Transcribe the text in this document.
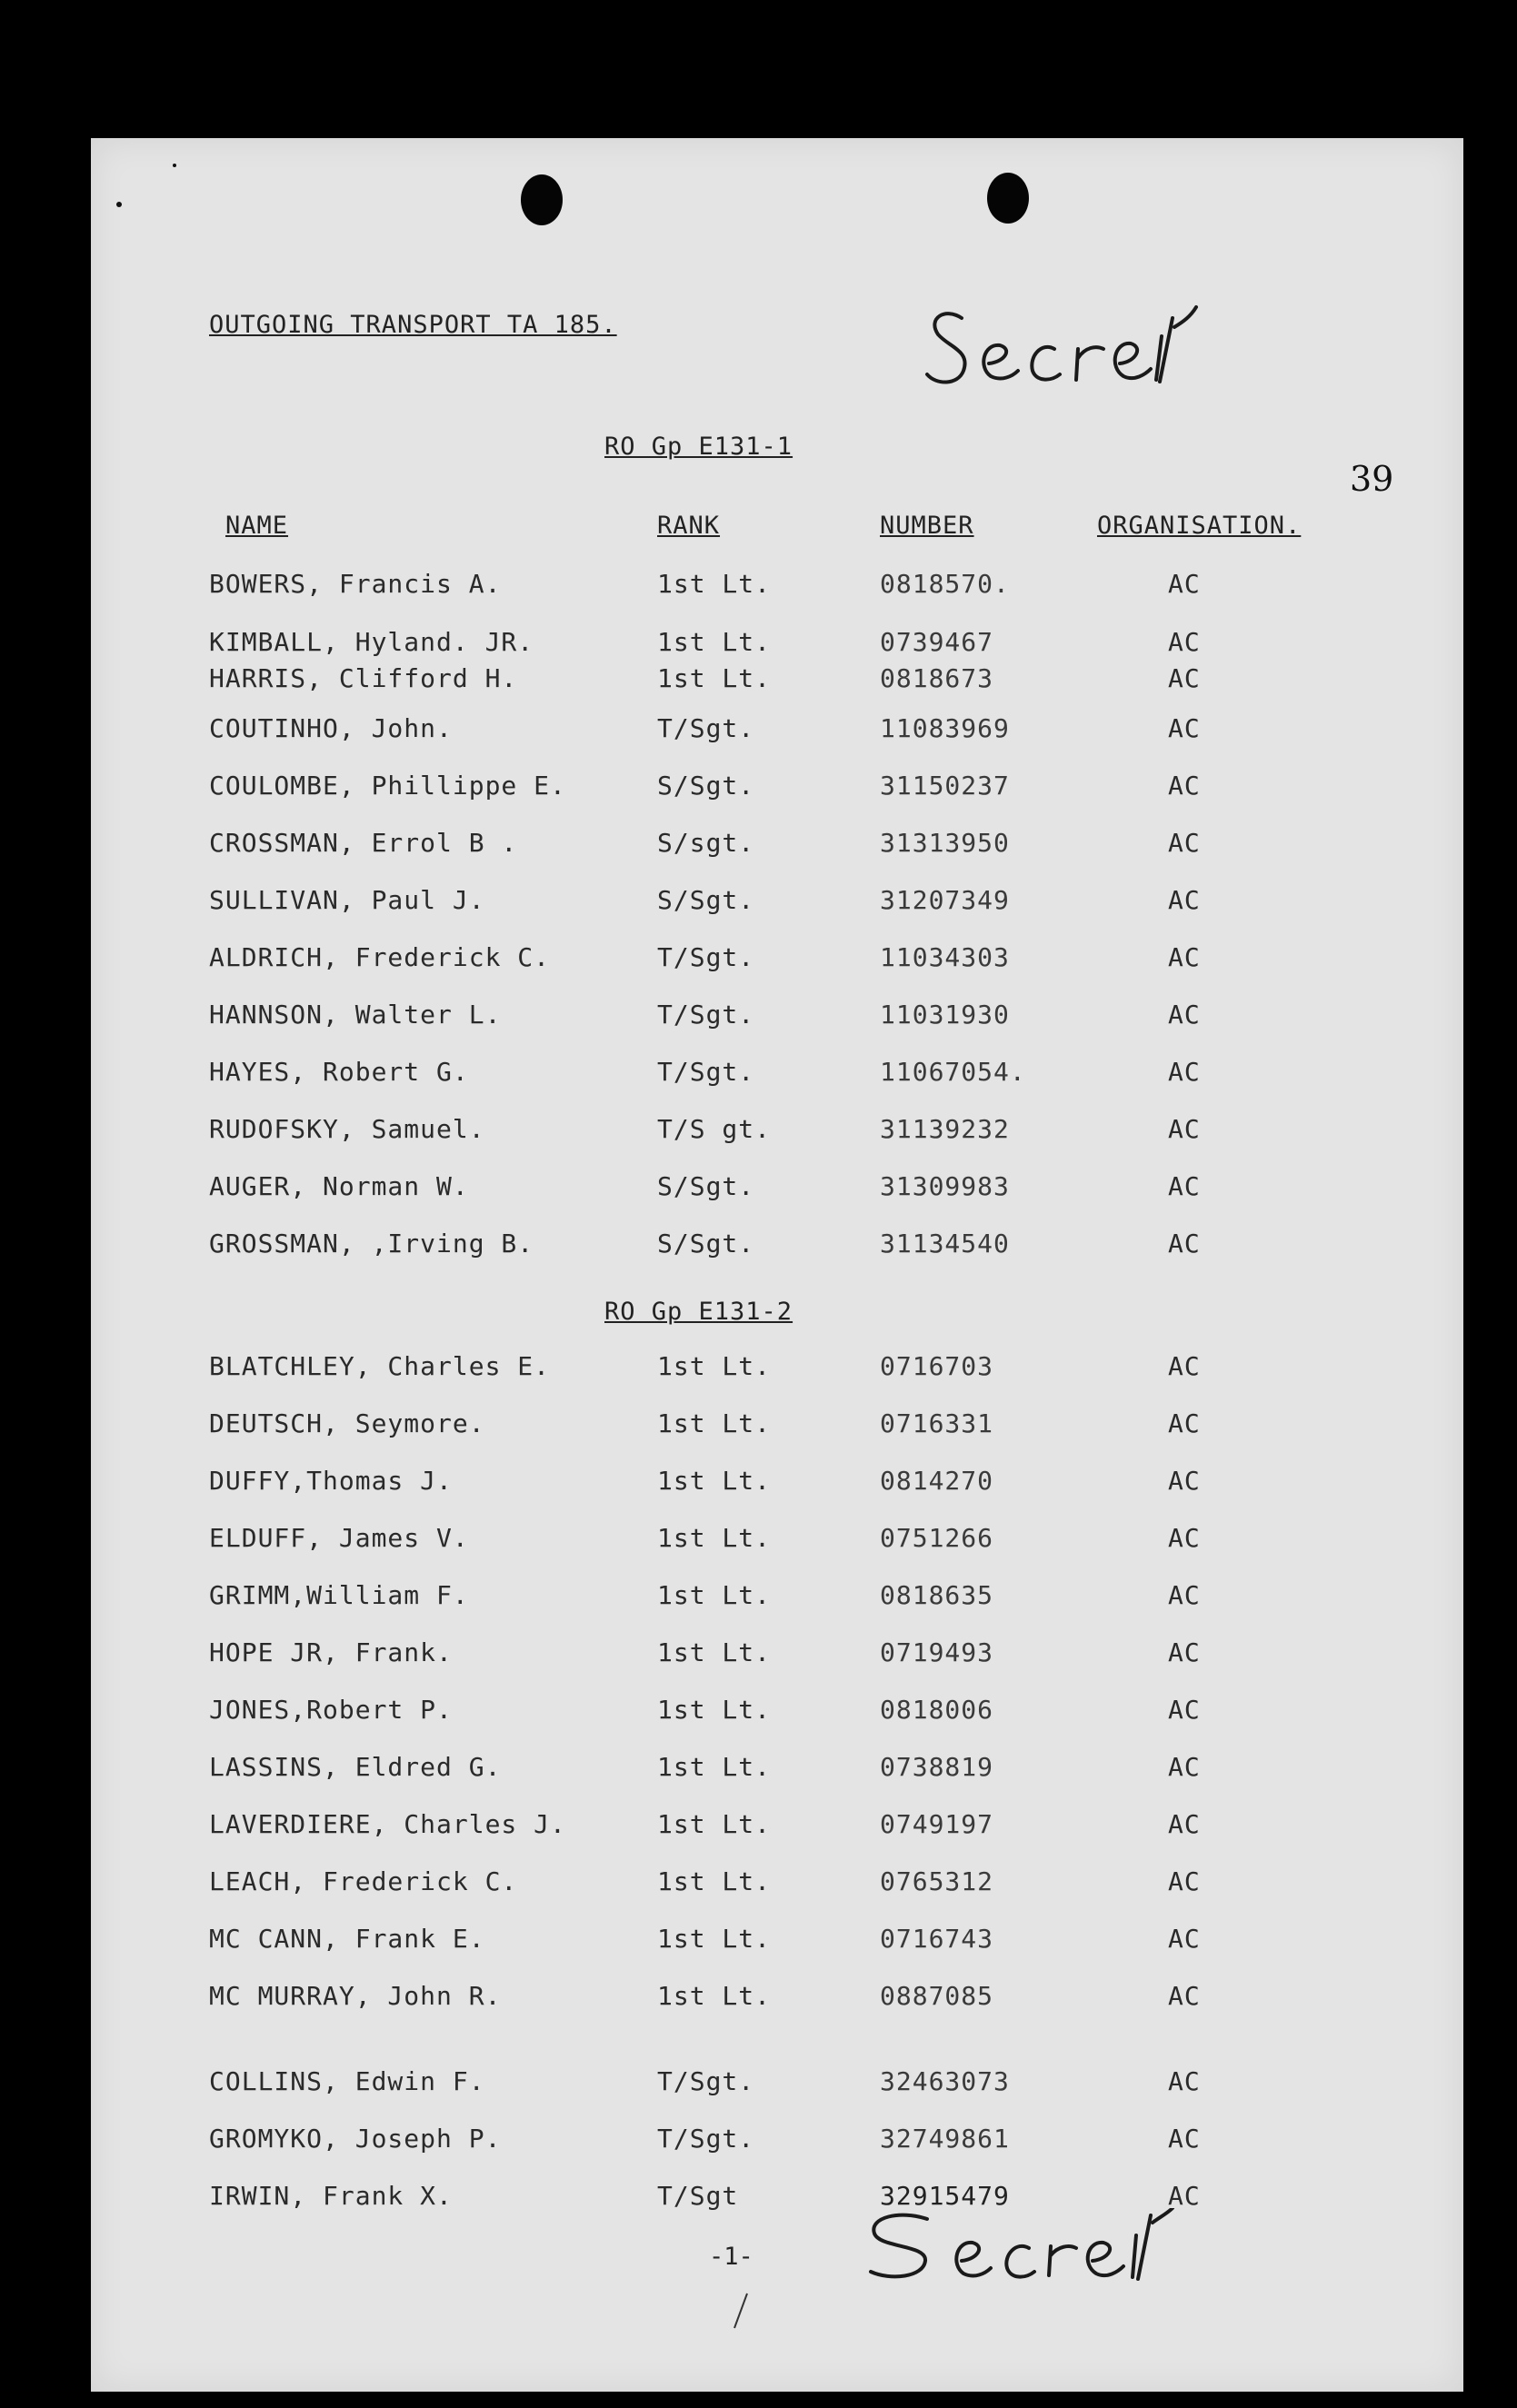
OUTGOING TRANSPORT TA 185.
RO Gp E131-1
39
NAME	RANK	NUMBER	ORGANISATION.
BOWERS, Francis A.	1st Lt.	0818570.	AC
KIMBALL, Hyland. JR.	1st Lt.	0739467	AC
HARRIS, Clifford H.	1st Lt.	0818673	AC
COUTINHO, John.	T/Sgt.	11083969	AC
COULOMBE, Phillippe E.	S/Sgt.	31150237	AC
CROSSMAN, Errol B .	S/sgt.	31313950	AC
SULLIVAN, Paul J.	S/Sgt.	31207349	AC
ALDRICH, Frederick C.	T/Sgt.	11034303	AC
HANNSON, Walter L.	T/Sgt.	11031930	AC
HAYES, Robert G.	T/Sgt.	11067054.	AC
RUDOFSKY, Samuel.	T/S gt.	31139232	AC
AUGER, Norman W.	S/Sgt.	31309983	AC
GROSSMAN, ,Irving B.	S/Sgt.	31134540	AC
RO Gp E131-2
BLATCHLEY, Charles E.	1st Lt.	0716703	AC
DEUTSCH, Seymore.	1st Lt.	0716331	AC
DUFFY,Thomas J.	1st Lt.	0814270	AC
ELDUFF, James V.	1st Lt.	0751266	AC
GRIMM,William F.	1st Lt.	0818635	AC
HOPE JR, Frank.	1st Lt.	0719493	AC
JONES,Robert P.	1st Lt.	0818006	AC
LASSINS, Eldred G.	1st Lt.	0738819	AC
LAVERDIERE, Charles J.	1st Lt.	0749197	AC
LEACH, Frederick C.	1st Lt.	0765312	AC
MC CANN, Frank E.	1st Lt.	0716743	AC
MC MURRAY, John R.	1st Lt.	0887085	AC
COLLINS, Edwin F.	T/Sgt.	32463073	AC
GROMYKO, Joseph P.	T/Sgt.	32749861	AC
IRWIN, Frank X.	T/Sgt	32915479	AC
-1-
